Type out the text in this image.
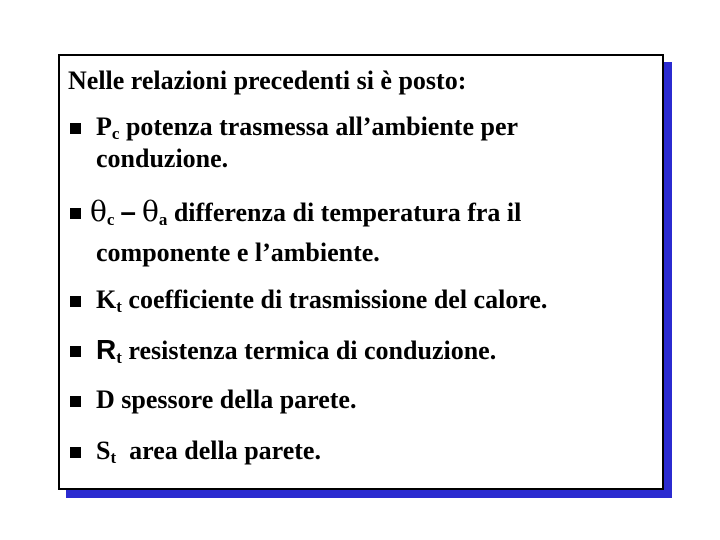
Nelle relazioni precedenti si è posto:
$P_c$ potenza trasmessa all’ambiente per
conduzione.
$\theta_c - \theta_a$ differenza di temperatura fra il
componente e l’ambiente.
$K_t$ coefficiente di trasmissione del calore.
$R_t$ resistenza termica di conduzione.
D spessore della parete.
$S_t$  area della parete.
